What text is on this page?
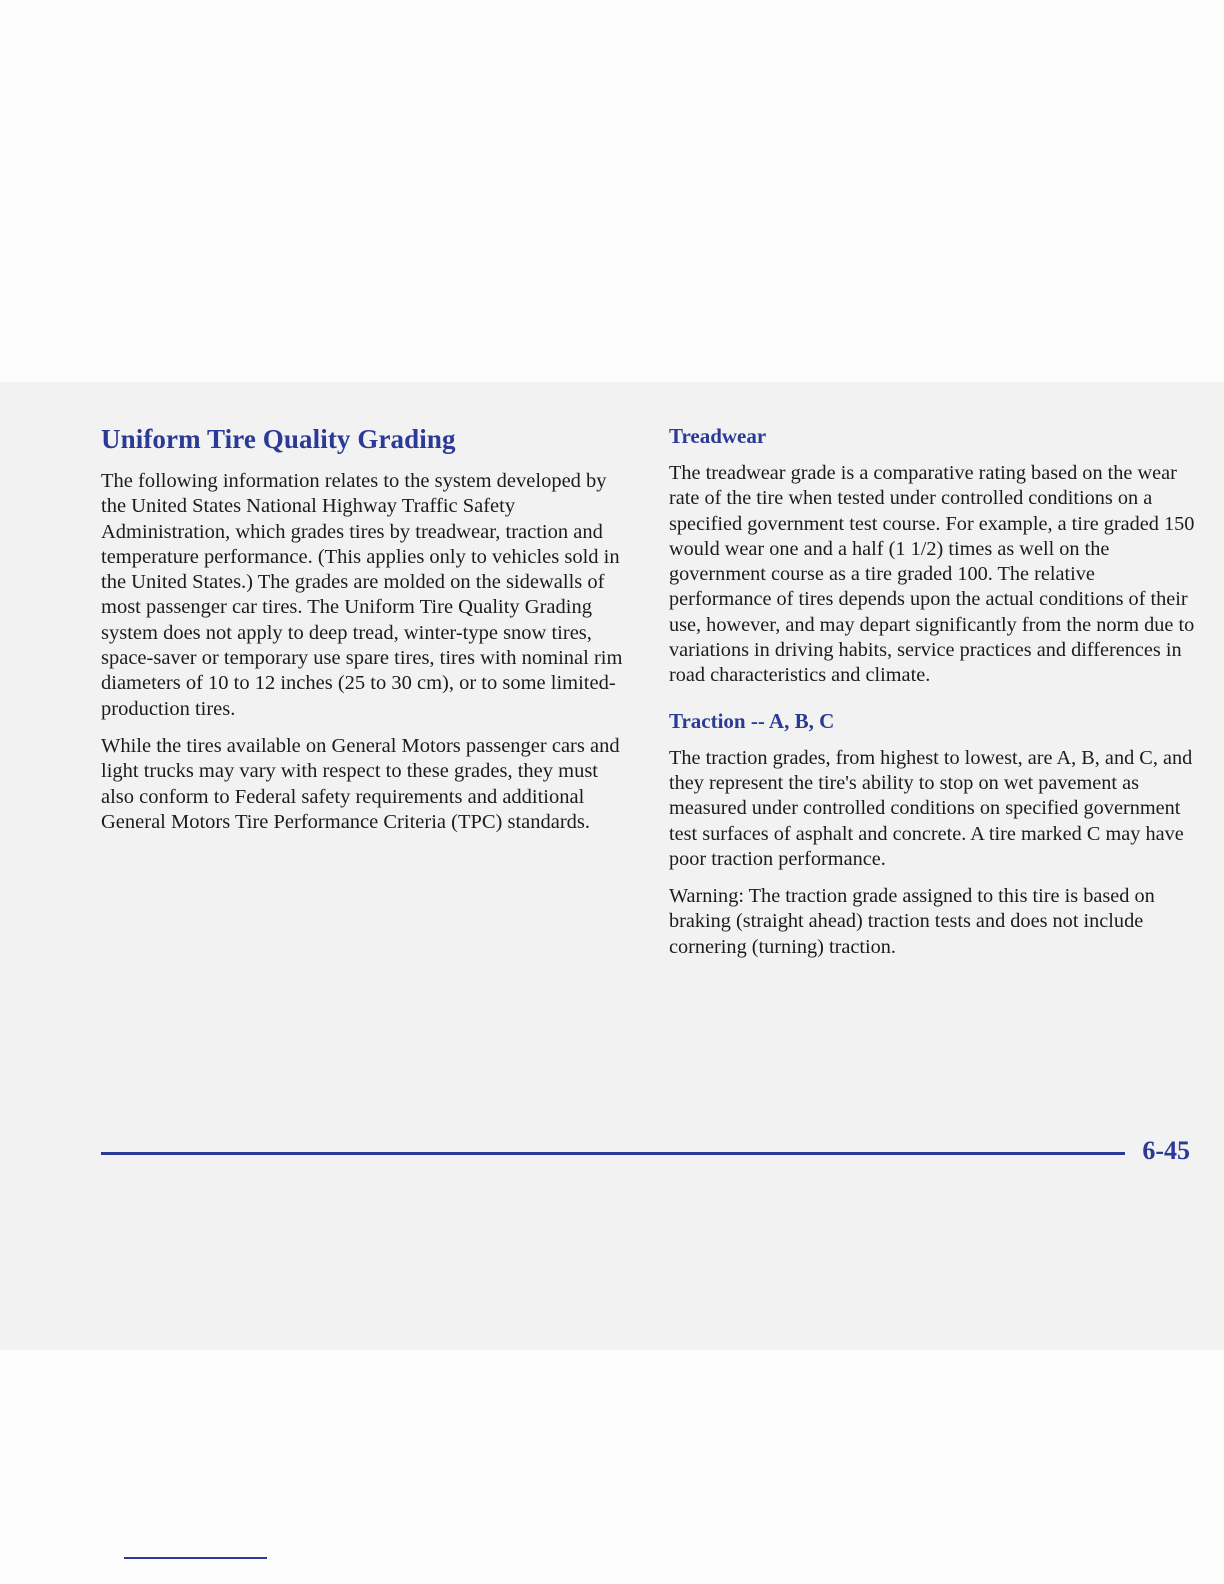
Uniform Tire Quality Grading

The following information relates to the system developed by the United States National Highway Traffic Safety Administration, which grades tires by treadwear, traction and temperature performance. (This applies only to vehicles sold in the United States.) The grades are molded on the sidewalls of most passenger car tires. The Uniform Tire Quality Grading system does not apply to deep tread, winter-type snow tires, space-saver or temporary use spare tires, tires with nominal rim diameters of 10 to 12 inches (25 to 30 cm), or to some limited-production tires.

While the tires available on General Motors passenger cars and light trucks may vary with respect to these grades, they must also conform to Federal safety requirements and additional General Motors Tire Performance Criteria (TPC) standards.

Treadwear

The treadwear grade is a comparative rating based on the wear rate of the tire when tested under controlled conditions on a specified government test course. For example, a tire graded 150 would wear one and a half (1 1/2) times as well on the government course as a tire graded 100. The relative performance of tires depends upon the actual conditions of their use, however, and may depart significantly from the norm due to variations in driving habits, service practices and differences in road characteristics and climate.

Traction -- A, B, C

The traction grades, from highest to lowest, are A, B, and C, and they represent the tire's ability to stop on wet pavement as measured under controlled conditions on specified government test surfaces of asphalt and concrete. A tire marked C may have poor traction performance.

Warning: The traction grade assigned to this tire is based on braking (straight ahead) traction tests and does not include cornering (turning) traction.

6-45
